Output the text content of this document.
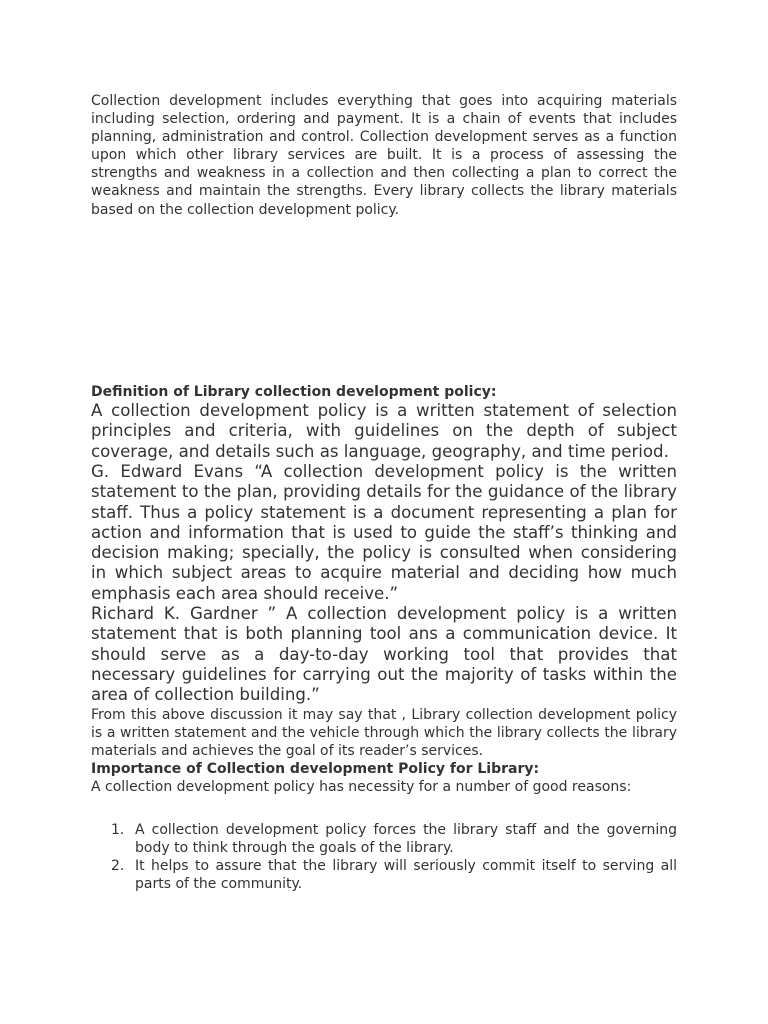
Collection development includes everything that goes into acquiring materials including selection, ordering and payment. It is a chain of events that includes planning, administration and control. Collection development serves as a function upon which other library services are built. It is a process of assessing the strengths and weakness in a collection and then collecting a plan to correct the weakness and maintain the strengths. Every library collects the library materials based on the collection development policy.

Definition of Library collection development policy:

A collection development policy is a written statement of selection principles and criteria, with guidelines on the depth of subject coverage, and details such as language, geography, and time period.

G. Edward Evans “A collection development policy is the written statement to the plan, providing details for the guidance of the library staff. Thus a policy statement is a document representing a plan for action and information that is used to guide the staff’s thinking and decision making; specially, the policy is consulted when considering in which subject areas to acquire material and deciding how much emphasis each area should receive.”

Richard K. Gardner ” A collection development policy is a written statement that is both planning tool ans a communication device. It should serve as a day-to-day working tool that provides that necessary guidelines for carrying out the majority of tasks within the area of collection building.”

From this above discussion it may say that , Library collection development policy is a written statement and the vehicle through which the library collects the library materials and achieves the goal of its reader’s services.

Importance of Collection development Policy for Library:

A collection development policy has necessity for a number of good reasons:

1. A collection development policy forces the library staff and the governing body to think through the goals of the library.
2. It helps to assure that the library will seriously commit itself to serving all parts of the community.
